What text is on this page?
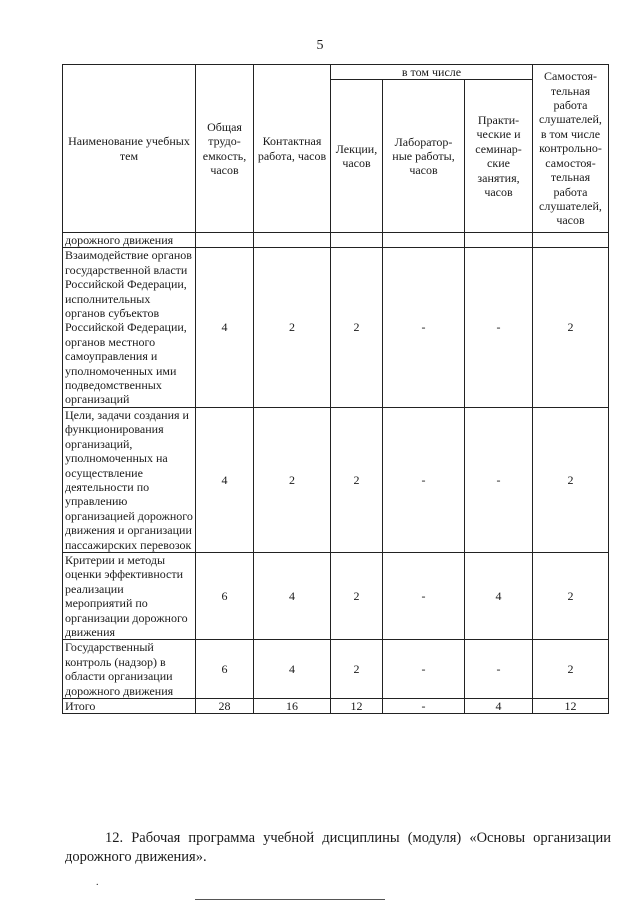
5
Наименование учебных тем	Общая трудо-емкость, часов	Контактная работа, часов	в том числе			Самостоя-тельная работа слушателей, в том числе контрольно-самостоя-тельная работа слушателей, часов
			Лекции, часов	Лаборатор-ные работы, часов	Практи-ческие и семинар-ские занятия, часов	
дорожного движения						
Взаимодействие органов государственной власти Российской Федерации, исполнительных органов субъектов Российской Федерации, органов местного самоуправления и уполномоченных ими подведомственных организаций	4	2	2	-	-	2
Цели, задачи создания и функционирования организаций, уполномоченных на осуществление деятельности по управлению организацией дорожного движения и организации пассажирских перевозок	4	2	2	-	-	2
Критерии и методы оценки эффективности реализации мероприятий по организации дорожного движения	6	4	2	-	4	2
Государственный контроль (надзор) в области организации дорожного движения	6	4	2	-	-	2
Итого	28	16	12	-	4	12

12. Рабочая программа учебной дисциплины (модуля) «Основы организации дорожного движения».

.
